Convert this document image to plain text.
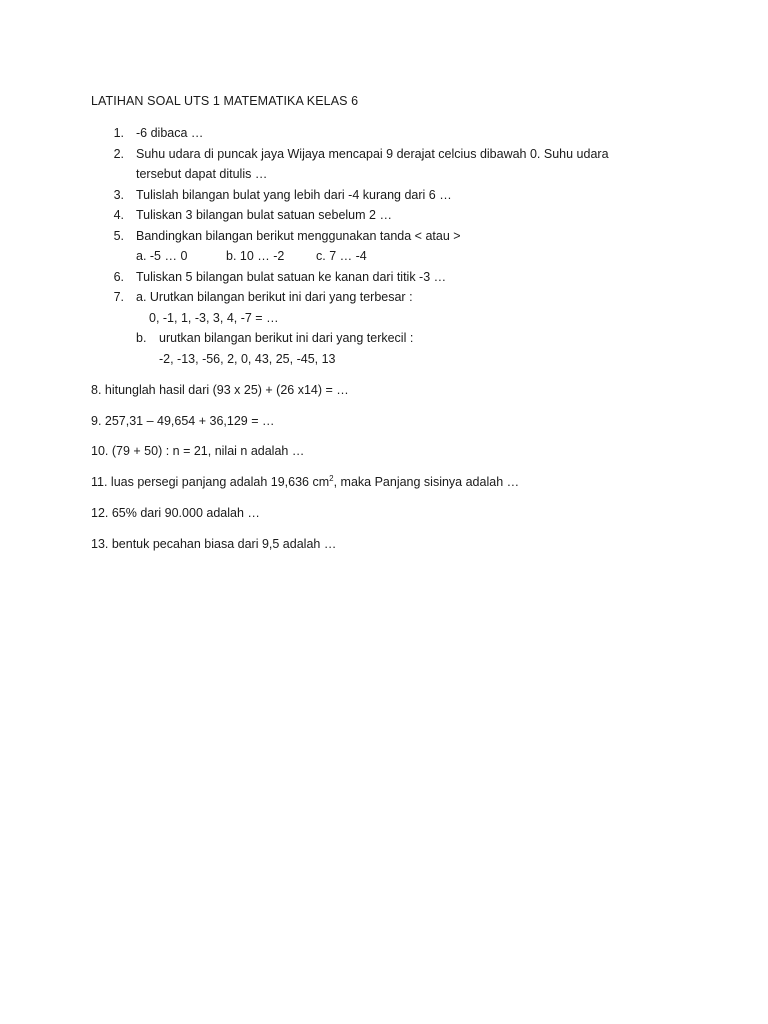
LATIHAN SOAL UTS 1 MATEMATIKA KELAS 6
1. -6 dibaca …
2. Suhu udara di puncak jaya Wijaya mencapai 9 derajat celcius dibawah 0. Suhu udara
tersebut dapat ditulis …
3. Tulislah bilangan bulat yang lebih dari -4 kurang dari 6 …
4. Tuliskan 3 bilangan bulat satuan sebelum 2 …
5. Bandingkan bilangan berikut menggunakan tanda < atau >
a. -5 … 0	b. 10 … -2	c. 7 … -4
6. Tuliskan 5 bilangan bulat satuan ke kanan dari titik -3 …
7. a. Urutkan bilangan berikut ini dari yang terbesar :
0, -1, 1, -3, 3, 4, -7 = …
b. urutkan bilangan berikut ini dari yang terkecil :
-2, -13, -56, 2, 0, 43, 25, -45, 13
8. hitunglah hasil dari (93 x 25) + (26 x14) = …
9. 257,31 – 49,654 + 36,129 = …
10. (79 + 50) : n = 21, nilai n adalah …
11. luas persegi panjang adalah 19,636 $cm^2$, maka Panjang sisinya adalah …
12. 65% dari 90.000 adalah …
13. bentuk pecahan biasa dari 9,5 adalah …
